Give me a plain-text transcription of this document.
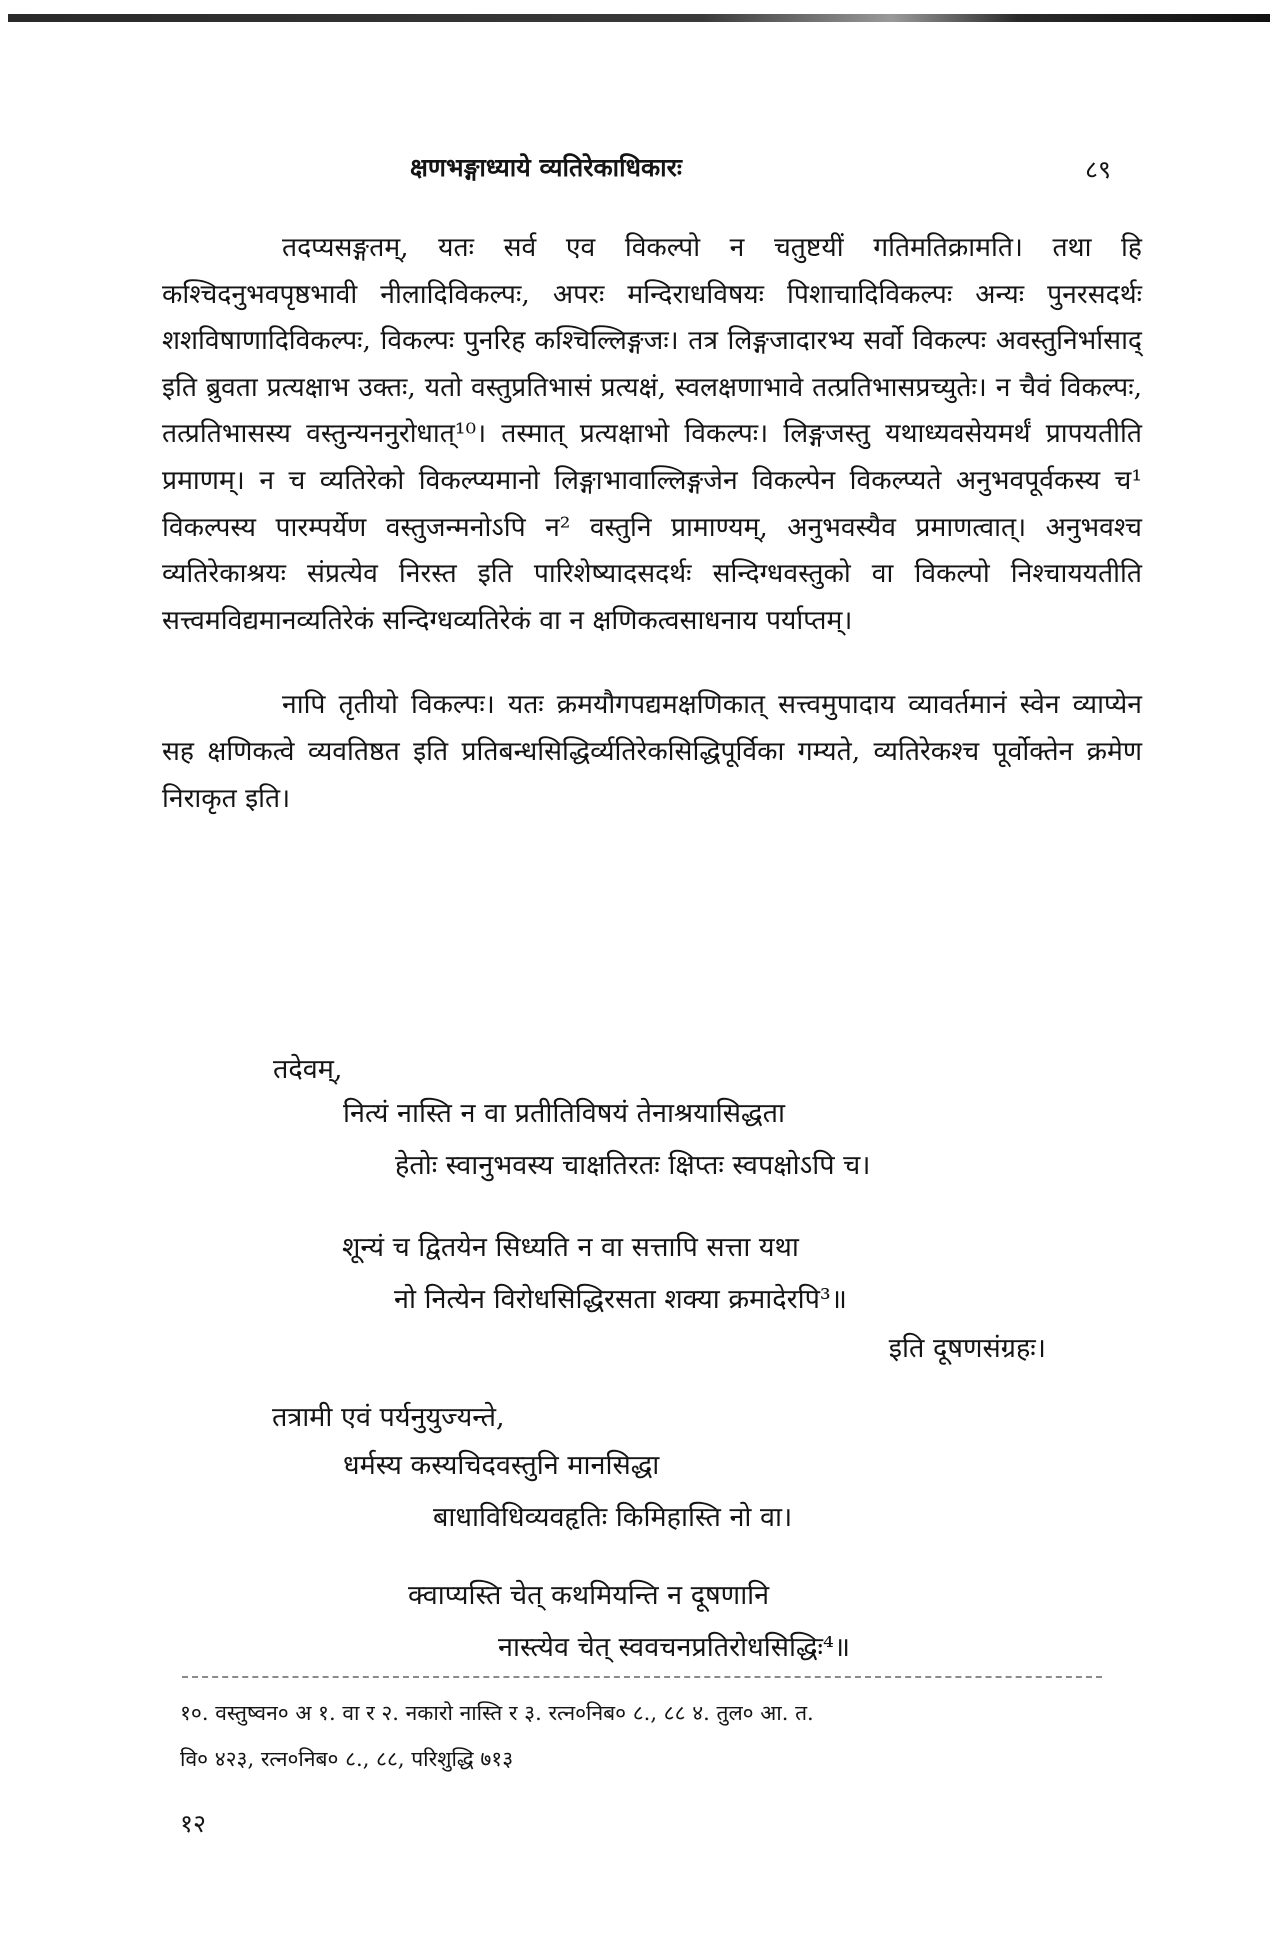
क्षणभङ्गाध्याये व्यतिरेकाधिकारः	८९

तदप्यसङ्गतम्, यतः सर्व एव विकल्पो न चतुष्टयीं गतिमतिक्रामति। तथा हि कश्चिदनुभवपृष्ठभावी नीलादिविकल्पः, अपरः मन्दिराधविषयः पिशाचादिविकल्पः अन्यः पुनरसदर्थः शशविषाणादिविकल्पः, विकल्पः पुनरिह कश्चिल्लिङ्गजः। तत्र लिङ्गजादारभ्य सर्वो विकल्पः अवस्तुनिर्भासाद् इति ब्रुवता प्रत्यक्षाभ उक्तः, यतो वस्तुप्रतिभासं प्रत्यक्षं, स्वलक्षणाभावे तत्प्रतिभासप्रच्युतेः। न चैवं विकल्पः, तत्प्रतिभासस्य वस्तुन्यननुरोधात्¹⁰। तस्मात् प्रत्यक्षाभो विकल्पः। लिङ्गजस्तु यथाध्यवसेयमर्थं प्रापयतीति प्रमाणम्। न च व्यतिरेको विकल्प्यमानो लिङ्गाभावाल्लिङ्गजेन विकल्पेन विकल्प्यते अनुभवपूर्वकस्य च¹ विकल्पस्य पारम्पर्येण वस्तुजन्मनोऽपि न² वस्तुनि प्रामाण्यम्, अनुभवस्यैव प्रमाणत्वात्। अनुभवश्च व्यतिरेकाश्रयः संप्रत्येव निरस्त इति पारिशेष्यादसदर्थः सन्दिग्धवस्तुको वा विकल्पो निश्चाययतीति सत्त्वमविद्यमानव्यतिरेकं सन्दिग्धव्यतिरेकं वा न क्षणिकत्वसाधनाय पर्याप्तम्।

नापि तृतीयो विकल्पः। यतः क्रमयौगपद्यमक्षणिकात् सत्त्वमुपादाय व्यावर्तमानं स्वेन व्याप्येन सह क्षणिकत्वे व्यवतिष्ठत इति प्रतिबन्धसिद्धिर्व्यतिरेकसिद्धिपूर्विका गम्यते, व्यतिरेकश्च पूर्वोक्तेन क्रमेण निराकृत इति।

तदेवम्,
नित्यं नास्ति न वा प्रतीतिविषयं तेनाश्रयासिद्धता
हेतोः स्वानुभवस्य चाक्षतिरतः क्षिप्तः स्वपक्षोऽपि च।
शून्यं च द्वितयेन सिध्यति न वा सत्तापि सत्ता यथा
नो नित्येन विरोधसिद्धिरसता शक्या क्रमादेरपि³॥
इति दूषणसंग्रहः।
तत्रामी एवं पर्यनुयुज्यन्ते,
धर्मस्य कस्यचिदवस्तुनि मानसिद्धा
बाधाविधिव्यवहृतिः किमिहास्ति नो वा।
क्वाप्यस्ति चेत् कथमियन्ति न दूषणानि
नास्त्येव चेत् स्ववचनप्रतिरोधसिद्धिः⁴॥
१०. वस्तुष्वन० अ १. वा र २. नकारो नास्ति र ३. रत्न०निब० ८., ८८ ४. तुल० आ. त.
वि० ४२३, रत्न०निब० ८., ८८, परिशुद्धि ७१३
१२
